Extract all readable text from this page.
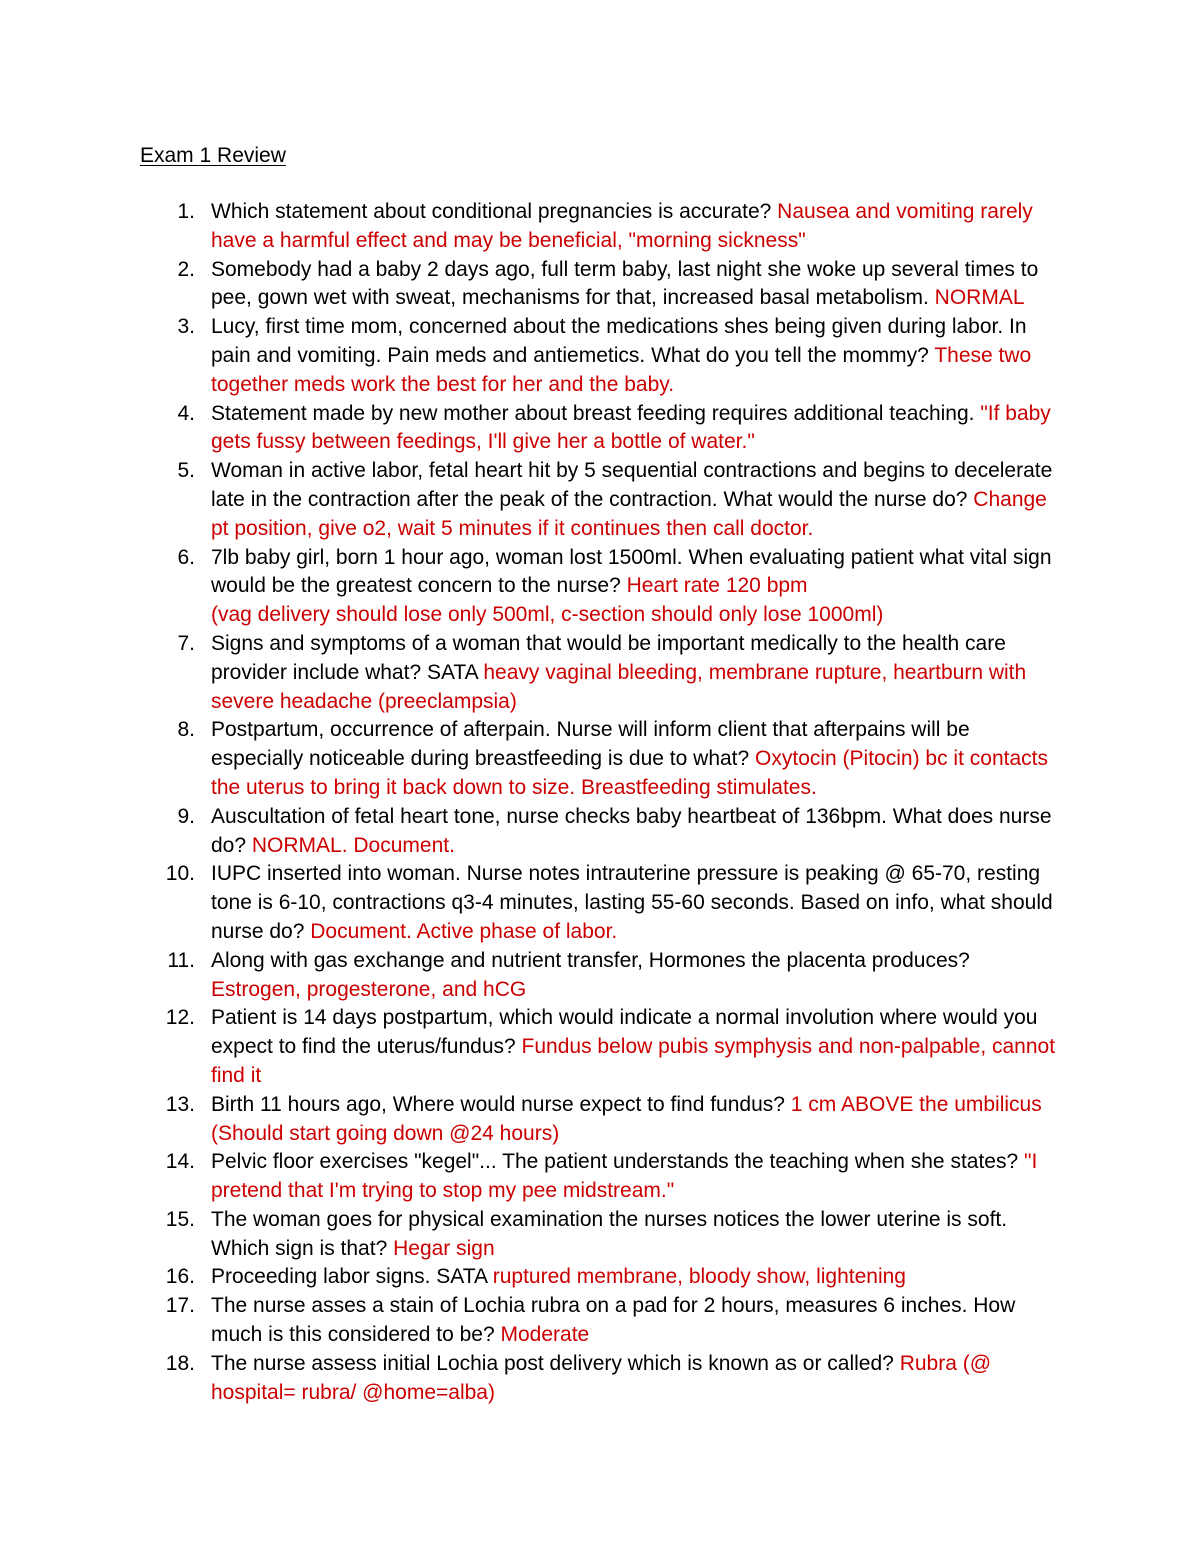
Exam 1 Review
1. Which statement about conditional pregnancies is accurate? Nausea and vomiting rarely have a harmful effect and may be beneficial, "morning sickness"
2. Somebody had a baby 2 days ago, full term baby, last night she woke up several times to pee, gown wet with sweat, mechanisms for that, increased basal metabolism. NORMAL
3. Lucy, first time mom, concerned about the medications shes being given during labor. In pain and vomiting. Pain meds and antiemetics. What do you tell the mommy? These two together meds work the best for her and the baby.
4. Statement made by new mother about breast feeding requires additional teaching. "If baby gets fussy between feedings, I'll give her a bottle of water."
5. Woman in active labor, fetal heart hit by 5 sequential contractions and begins to decelerate late in the contraction after the peak of the contraction. What would the nurse do? Change pt position, give o2, wait 5 minutes if it continues then call doctor.
6. 7lb baby girl, born 1 hour ago, woman lost 1500ml. When evaluating patient what vital sign would be the greatest concern to the nurse? Heart rate 120 bpm
(vag delivery should lose only 500ml, c-section should only lose 1000ml)
7. Signs and symptoms of a woman that would be important medically to the health care provider include what? SATA heavy vaginal bleeding, membrane rupture, heartburn with severe headache (preeclampsia)
8. Postpartum, occurrence of afterpain. Nurse will inform client that afterpains will be especially noticeable during breastfeeding is due to what? Oxytocin (Pitocin) bc it contacts the uterus to bring it back down to size. Breastfeeding stimulates.
9. Auscultation of fetal heart tone, nurse checks baby heartbeat of 136bpm. What does nurse do? NORMAL. Document.
10. IUPC inserted into woman. Nurse notes intrauterine pressure is peaking @ 65-70, resting tone is 6-10, contractions q3-4 minutes, lasting 55-60 seconds. Based on info, what should nurse do? Document. Active phase of labor.
11. Along with gas exchange and nutrient transfer, Hormones the placenta produces? Estrogen, progesterone, and hCG
12. Patient is 14 days postpartum, which would indicate a normal involution where would you expect to find the uterus/fundus? Fundus below pubis symphysis and non-palpable, cannot find it
13. Birth 11 hours ago, Where would nurse expect to find fundus? 1 cm ABOVE the umbilicus (Should start going down @24 hours)
14. Pelvic floor exercises "kegel"... The patient understands the teaching when she states? "I pretend that I'm trying to stop my pee midstream."
15. The woman goes for physical examination the nurses notices the lower uterine is soft. Which sign is that? Hegar sign
16. Proceeding labor signs. SATA ruptured membrane, bloody show, lightening
17. The nurse asses a stain of Lochia rubra on a pad for 2 hours, measures 6 inches. How much is this considered to be? Moderate
18. The nurse assess initial Lochia post delivery which is known as or called? Rubra (@ hospital= rubra/ @home=alba)
